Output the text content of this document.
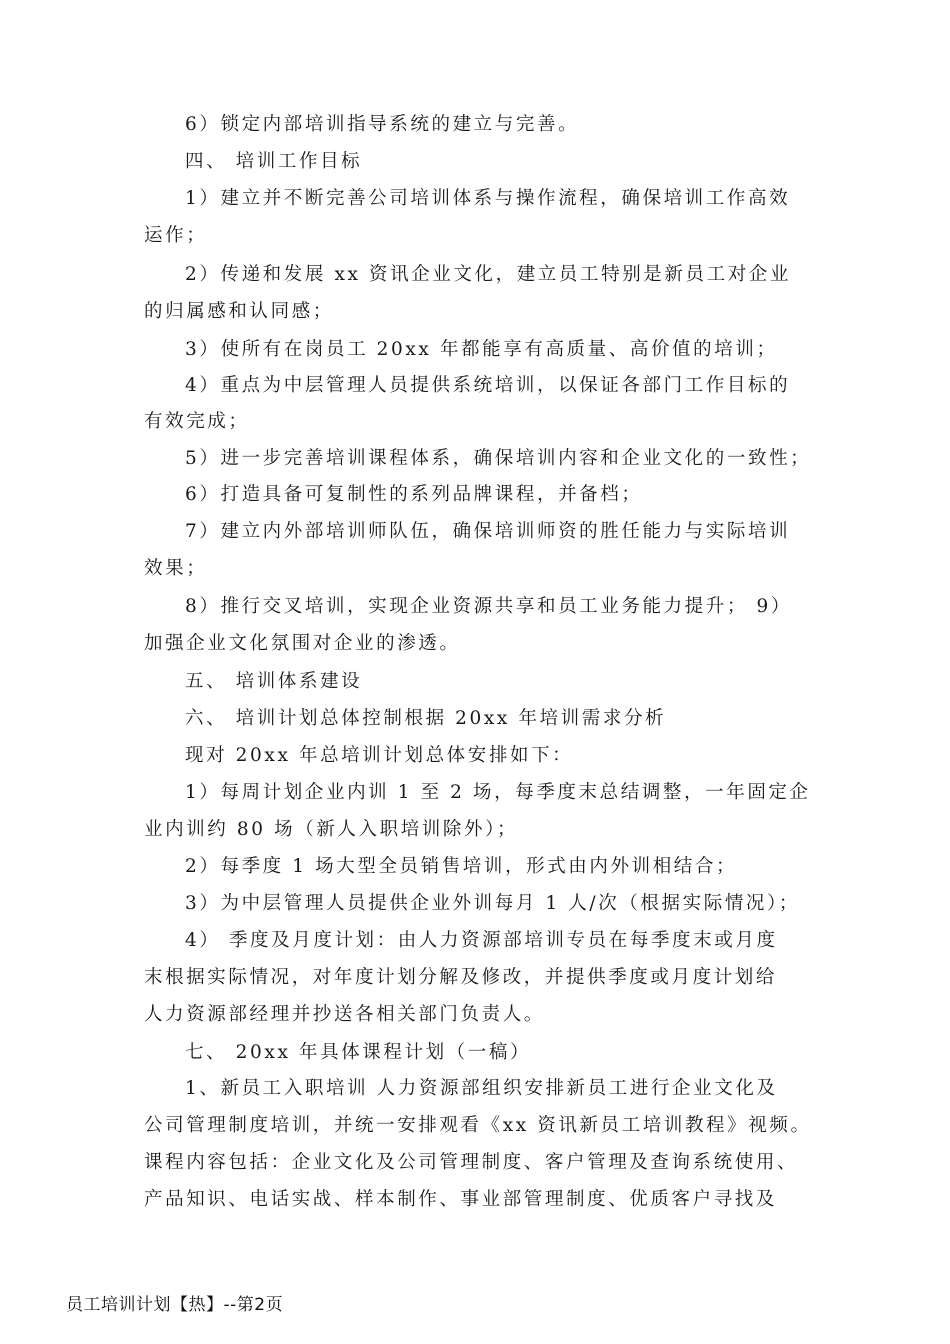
6）锁定内部培训指导系统的建立与完善。
四、 培训工作目标
1）建立并不断完善公司培训体系与操作流程，确保培训工作高效
运作；
2）传递和发展 xx 资讯企业文化，建立员工特别是新员工对企业
的归属感和认同感；
3）使所有在岗员工 20xx 年都能享有高质量、高价值的培训；
4）重点为中层管理人员提供系统培训，以保证各部门工作目标的
有效完成；
5）进一步完善培训课程体系，确保培训内容和企业文化的一致性；
6）打造具备可复制性的系列品牌课程，并备档；
7）建立内外部培训师队伍，确保培训师资的胜任能力与实际培训
效果；
8）推行交叉培训，实现企业资源共享和员工业务能力提升； 9）
加强企业文化氛围对企业的渗透。
五、 培训体系建设
六、 培训计划总体控制根据 20xx 年培训需求分析
现对 20xx 年总培训计划总体安排如下：
1）每周计划企业内训 1 至 2 场，每季度末总结调整，一年固定企
业内训约 80 场（新人入职培训除外）；
2）每季度 1 场大型全员销售培训，形式由内外训相结合；
3）为中层管理人员提供企业外训每月 1 人/次（根据实际情况）；
4） 季度及月度计划：由人力资源部培训专员在每季度末或月度
末根据实际情况，对年度计划分解及修改，并提供季度或月度计划给
人力资源部经理并抄送各相关部门负责人。
七、 20xx 年具体课程计划（一稿）
1、新员工入职培训 人力资源部组织安排新员工进行企业文化及
公司管理制度培训，并统一安排观看《xx 资讯新员工培训教程》视频。
课程内容包括：企业文化及公司管理制度、客户管理及查询系统使用、
产品知识、电话实战、样本制作、事业部管理制度、优质客户寻找及
员工培训计划【热】--第2页
